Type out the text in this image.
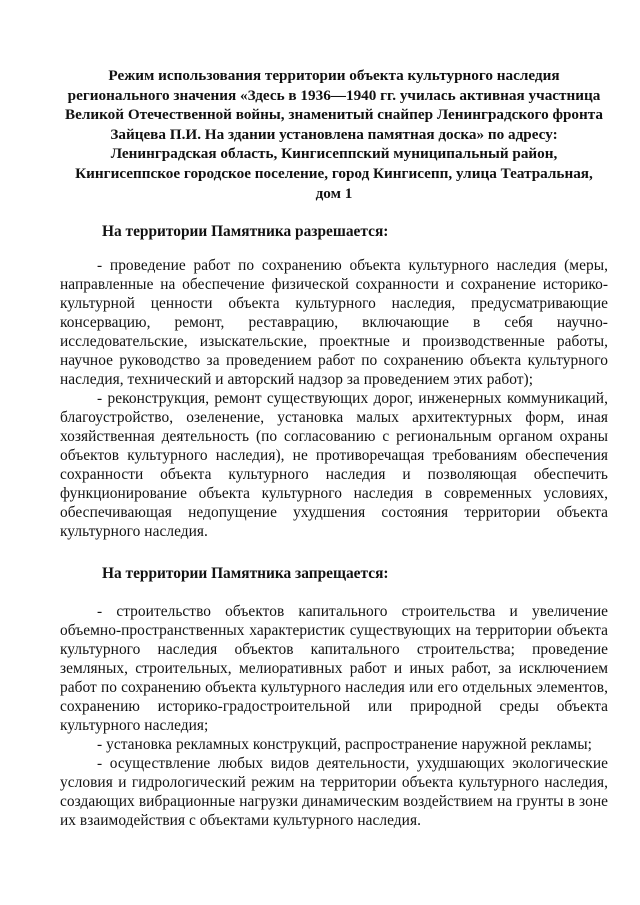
Режим использования территории объекта культурного наследия
регионального значения «Здесь в 1936—1940 гг. училась активная участница
Великой Отечественной войны, знаменитый снайпер Ленинградского фронта
Зайцева П.И. На здании установлена памятная доска» по адресу:
Ленинградская область, Кингисеппский муниципальный район,
Кингисеппское городское поселение, город Кингисепп, улица Театральная,
дом 1

На территории Памятника разрешается:

- проведение работ по сохранению объекта культурного наследия (меры, направленные на обеспечение физической сохранности и сохранение историко-культурной ценности объекта культурного наследия, предусматривающие консервацию, ремонт, реставрацию, включающие в себя научно-исследовательские, изыскательские, проектные и производственные работы, научное руководство за проведением работ по сохранению объекта культурного наследия, технический и авторский надзор за проведением этих работ);

- реконструкция, ремонт существующих дорог, инженерных коммуникаций, благоустройство, озеленение, установка малых архитектурных форм, иная хозяйственная деятельность (по согласованию с региональным органом охраны объектов культурного наследия), не противоречащая требованиям обеспечения сохранности объекта культурного наследия и позволяющая обеспечить функционирование объекта культурного наследия в современных условиях, обеспечивающая недопущение ухудшения состояния территории объекта культурного наследия.

На территории Памятника запрещается:

- строительство объектов капитального строительства и увеличение объемно-пространственных характеристик существующих на территории объекта культурного наследия объектов капитального строительства; проведение земляных, строительных, мелиоративных работ и иных работ, за исключением работ по сохранению объекта культурного наследия или его отдельных элементов, сохранению историко-градостроительной или природной среды объекта культурного наследия;

- установка рекламных конструкций, распространение наружной рекламы;

- осуществление любых видов деятельности, ухудшающих экологические условия и гидрологический режим на территории объекта культурного наследия, создающих вибрационные нагрузки динамическим воздействием на грунты в зоне их взаимодействия с объектами культурного наследия.
